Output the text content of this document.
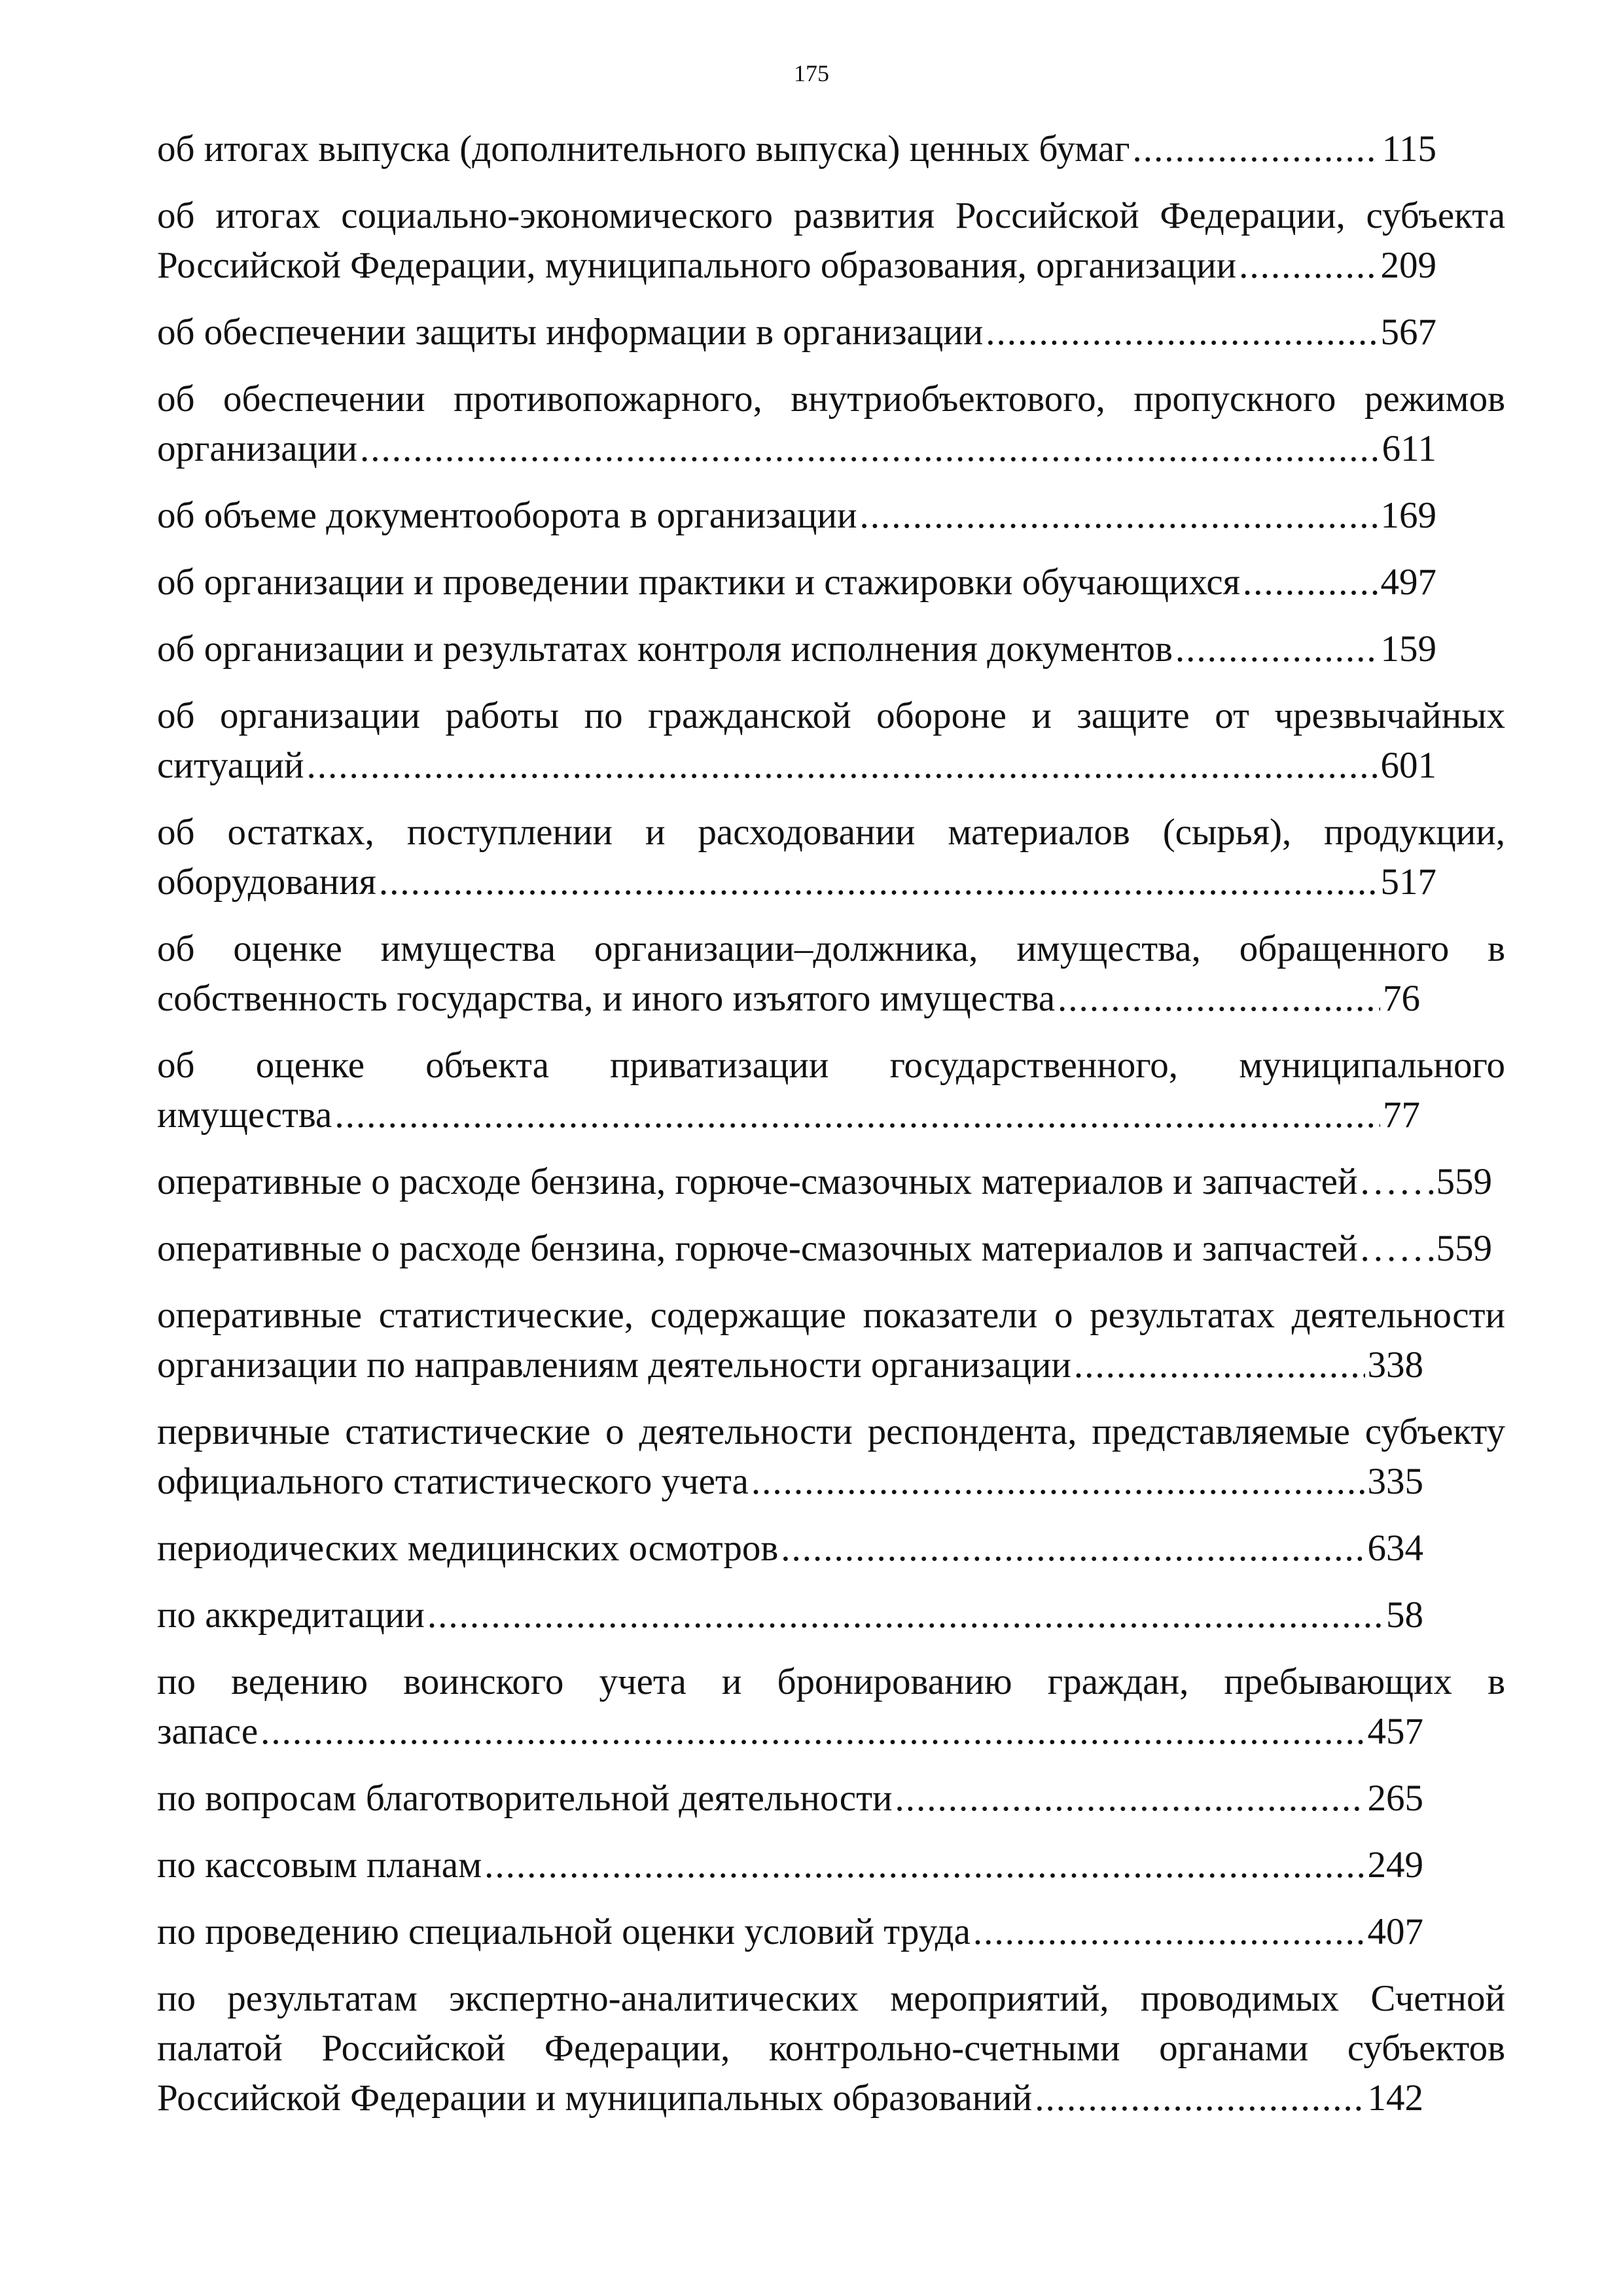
175
об итогах выпуска (дополнительного выпуска) ценных бумаг .....	115
об итогах социально-экономического развития Российской Федерации, субъекта
Российской Федерации, муниципального образования, организации .....	209
об обеспечении защиты информации в организации .....	567
об обеспечении противопожарного, внутриобъектового, пропускного режимов
организации .....	611
об объеме документооборота в организации .....	169
об организации и проведении практики и стажировки обучающихся .....	497
об организации и результатах контроля исполнения документов .....	159
об организации работы по гражданской обороне и защите от чрезвычайных
ситуаций .....	601
об остатках, поступлении и расходовании материалов (сырья), продукции,
оборудования .....	517
об оценке имущества организации–должника, имущества, обращенного в
собственность государства, и иного изъятого имущества .....	76
об оценке объекта приватизации государственного, муниципального
имущества .....	77
оперативные о расходе бензина, горюче-смазочных материалов и запчастей ..... 559
оперативные о расходе бензина, горюче-смазочных материалов и запчастей ..... 559
оперативные статистические, содержащие показатели о результатах деятельности
организации по направлениям деятельности организации .....	338
первичные статистические о деятельности респондента, представляемые субъекту
официального статистического учета .....	335
периодических медицинских осмотров .....	634
по аккредитации .....	58
по ведению воинского учета и бронированию граждан, пребывающих в
запасе .....	457
по вопросам благотворительной деятельности .....	265
по кассовым планам .....	249
по проведению специальной оценки условий труда .....	407
по результатам экспертно-аналитических мероприятий, проводимых Счетной палатой Российской Федерации, контрольно-счетными органами субъектов
Российской Федерации и муниципальных образований .....	142
